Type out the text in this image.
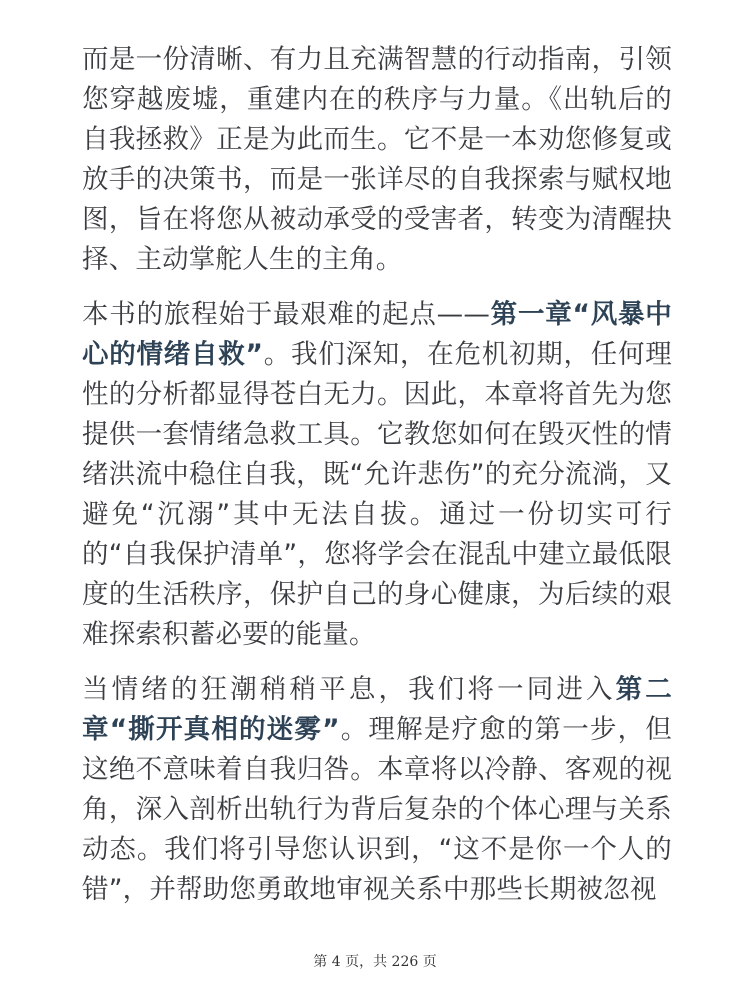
而是一份清晰、有力且充满智慧的行动指南，引领您穿越废墟，重建内在的秩序与力量。《出轨后的自我拯救》正是为此而生。它不是一本劝您修复或放手的决策书，而是一张详尽的自我探索与赋权地图，旨在将您从被动承受的受害者，转变为清醒抉择、主动掌舵人生的主角。

本书的旅程始于最艰难的起点——第一章“风暴中心的情绪自救”。我们深知，在危机初期，任何理性的分析都显得苍白无力。因此，本章将首先为您提供一套情绪急救工具。它教您如何在毁灭性的情绪洪流中稳住自我，既“允许悲伤”的充分流淌，又避免“沉溺”其中无法自拔。通过一份切实可行的“自我保护清单”，您将学会在混乱中建立最低限度的生活秩序，保护自己的身心健康，为后续的艰难探索积蓄必要的能量。

当情绪的狂潮稍稍平息，我们将一同进入第二章“撕开真相的迷雾”。理解是疗愈的第一步，但这绝不意味着自我归咎。本章将以冷静、客观的视角，深入剖析出轨行为背后复杂的个体心理与关系动态。我们将引导您认识到，“这不是你一个人的错”，并帮助您勇敢地审视关系中那些长期被忽视

第 4 页，共 226 页
